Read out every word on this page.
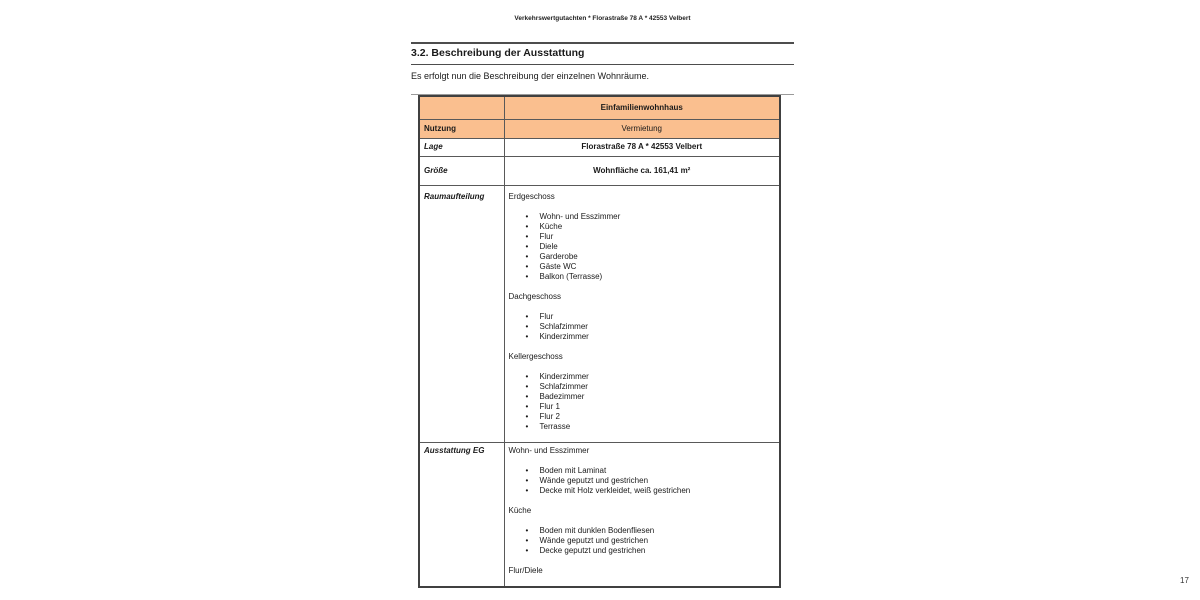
Verkehrswertgutachten * Florastraße 78 A * 42553 Velbert
3.2. Beschreibung der Ausstattung

Es erfolgt nun die Beschreibung der einzelnen Wohnräume.

	Einfamilienwohnhaus
Nutzung	Vermietung
Lage	Florastraße 78 A * 42553 Velbert
Größe	Wohnfläche ca. 161,41 m²
Raumaufteilung	Erdgeschoss
• Wohn- und Esszimmer
• Küche
• Flur
• Diele
• Garderobe
• Gäste WC
• Balkon (Terrasse)
Dachgeschoss
• Flur
• Schlafzimmer
• Kinderzimmer
Kellergeschoss
• Kinderzimmer
• Schlafzimmer
• Badezimmer
• Flur 1
• Flur 2
• Terrasse

Ausstattung EG	Wohn- und Esszimmer
• Boden mit Laminat
• Wände geputzt und gestrichen
• Decke mit Holz verkleidet, weiß gestrichen
Küche
• Boden mit dunklen Bodenfliesen
• Wände geputzt und gestrichen
• Decke geputzt und gestrichen
Flur/Diele
17
